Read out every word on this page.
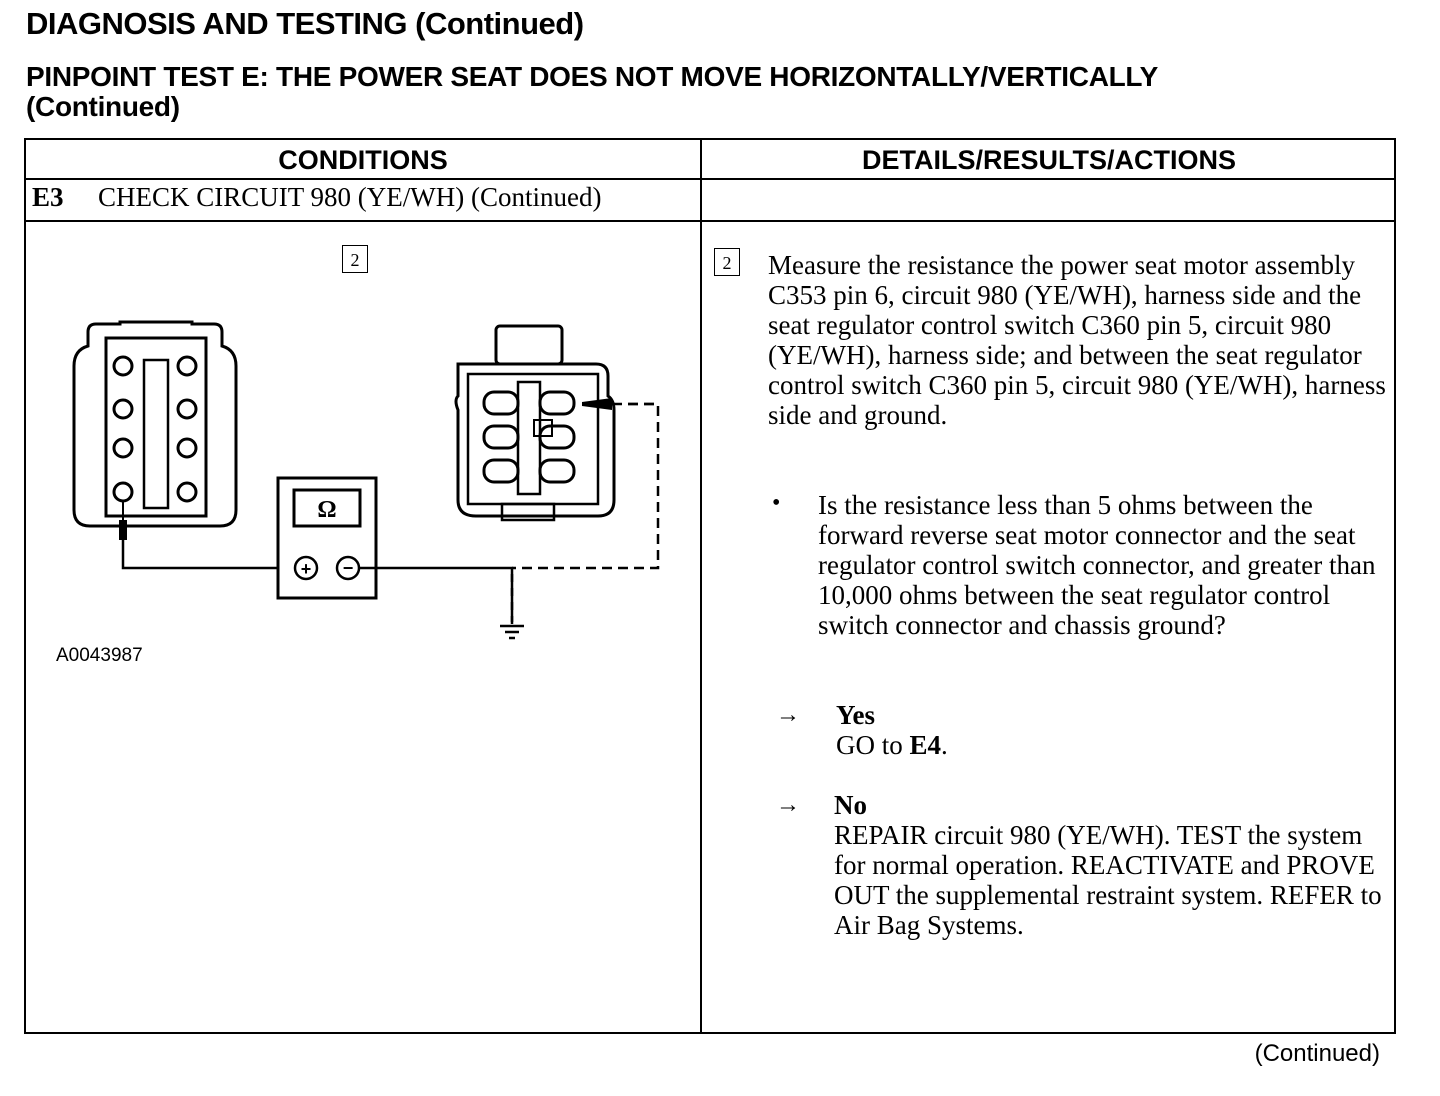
DIAGNOSIS AND TESTING (Continued)
PINPOINT TEST E: THE POWER SEAT DOES NOT MOVE HORIZONTALLY/VERTICALLY
(Continued)
CONDITIONS	DETAILS/RESULTS/ACTIONS
E3 CHECK CIRCUIT 980 (YE/WH) (Continued)
2
Ω
+ −
A0043987
2	Measure the resistance the power seat motor assembly C353 pin 6, circuit 980 (YE/WH), harness side and the seat regulator control switch C360 pin 5, circuit 980 (YE/WH), harness side; and between the seat regulator control switch C360 pin 5, circuit 980 (YE/WH), harness side and ground.
• Is the resistance less than 5 ohms between the forward reverse seat motor connector and the seat regulator control switch connector, and greater than 10,000 ohms between the seat regulator control switch connector and chassis ground?
→ Yes
GO to E4.
→ No
REPAIR circuit 980 (YE/WH). TEST the system for normal operation. REACTIVATE and PROVE OUT the supplemental restraint system. REFER to Air Bag Systems.
(Continued)
